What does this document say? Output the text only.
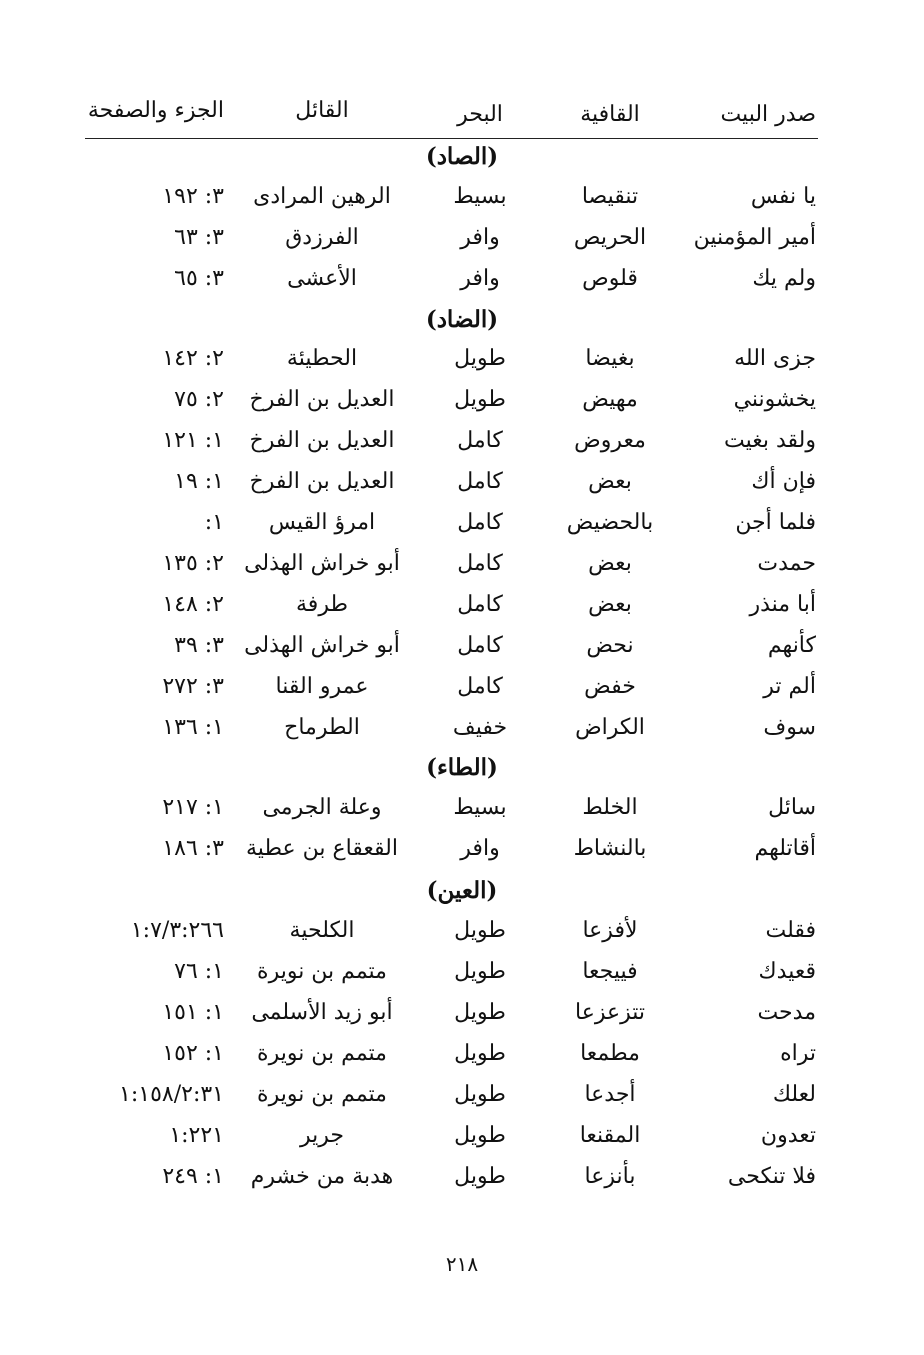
صدر البيت
القافية
البحر
القائل
الجزء والصفحة
(الصاد)
يا نفس
تنقيصا
بسيط
الرهين المرادى
٣: ١٩٢
أمير المؤمنين
الحريص
وافر
الفرزدق
٣: ٦٣
ولم يك
قلوص
وافر
الأعشى
٣: ٦٥
(الضاد)
جزى الله
بغيضا
طويل
الحطيئة
٢: ١٤٢
يخشونني
مهيض
طويل
العديل بن الفرخ
٢: ٧٥
ولقد بغيت
معروض
كامل
العديل بن الفرخ
١: ١٢١
فإن أك
بعض
كامل
العديل بن الفرخ
١: ١٩
فلما أجن
بالحضيض
كامل
امرؤ القيس
١:
حمدت
بعض
كامل
أبو خراش الهذلى
٢: ١٣٥
أبا منذر
بعض
كامل
طرفة
٢: ١٤٨
كأنهم
نحض
كامل
أبو خراش الهذلى
٣: ٣٩
ألم تر
خفض
كامل
عمرو القنا
٣: ٢٧٢
سوف
الكراض
خفيف
الطرماح
١: ١٣٦
(الطاء)
سائل
الخلط
بسيط
وعلة الجرمى
١: ٢١٧
أقاتلهم
بالنشاط
وافر
القعقاع بن عطية
٣: ١٨٦
(العين)
فقلت
لأفزعا
طويل
الكلحية
١:٧/٣:٢٦٦
قعيدك
فييجعا
طويل
متمم بن نويرة
١: ٧٦
مدحت
تتزعزعا
طويل
أبو زيد الأسلمى
١: ١٥١
تراه
مطمعا
طويل
متمم بن نويرة
١: ١٥٢
لعلك
أجدعا
طويل
متمم بن نويرة
١:١٥٨/٢:٣١
تعدون
المقنعا
طويل
جرير
١:٢٢١
فلا تنكحى
بأنزعا
طويل
هدبة من خشرم
١: ٢٤٩
٢١٨
